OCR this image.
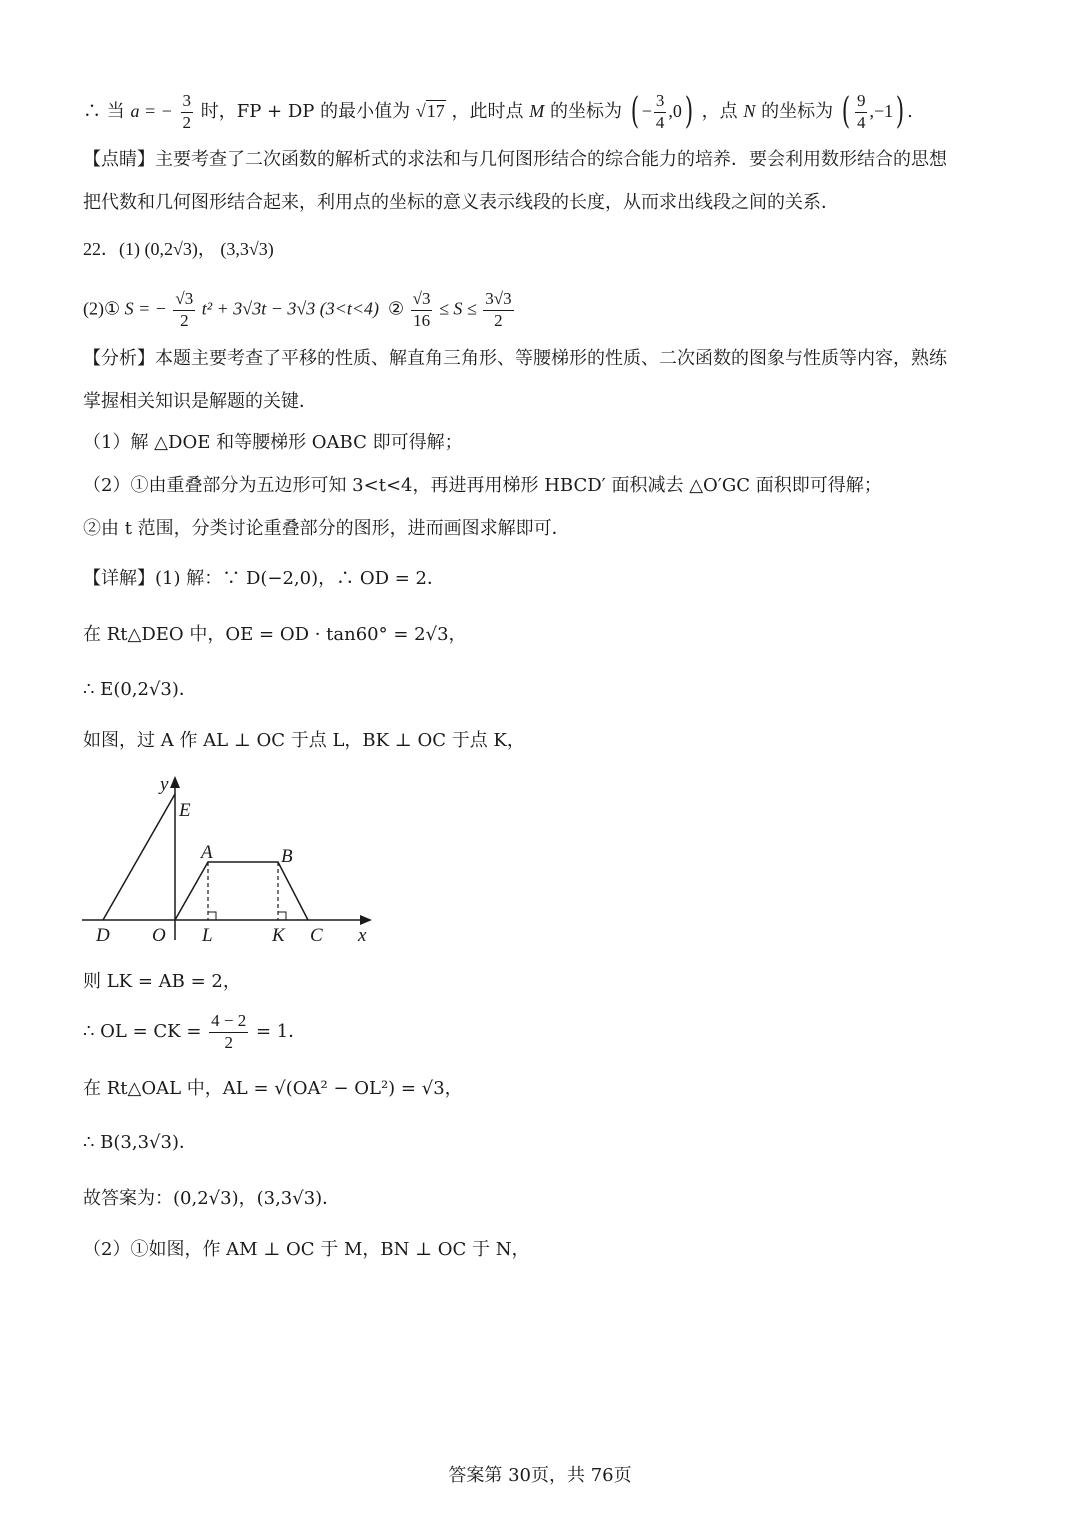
∴ 当 a = − $\frac{3}{2}$ 时，FP + DP 的最小值为 √17 ，此时点 M 的坐标为 ( − $\frac{3}{4} ,0$) ，点 N 的坐标为 ( $\frac{9}{4} ,-1$) .
【点睛】主要考查了二次函数的解析式的求法和与几何图形结合的综合能力的培养．要会利用数形结合的思想
把代数和几何图形结合起来，利用点的坐标的意义表示线段的长度，从而求出线段之间的关系．
22．(1) (0,2√3)， (3,3√3)
(2)① S = − $\frac{√3}{2} t^2 + 3√3t - 3√3$ (3<t<4) ② $\frac{√3}{16} \le S \le \frac{3√3}{2}$
【分析】本题主要考查了平移的性质、解直角三角形、等腰梯形的性质、二次函数的图象与性质等内容，熟练
掌握相关知识是解题的关键．
（1）解 △DOE 和等腰梯形 OABC 即可得解；
（2）①由重叠部分为五边形可知 3<t<4，再进再用梯形 HBCD′ 面积减去 △O′GC 面积即可得解；
②由 t 范围，分类讨论重叠部分的图形，进而画图求解即可．
【详解】(1) 解：∵ D(−2,0)，∴ OD = 2．
在 Rt△DEO 中，OE = OD · tan60° = 2√3，
∴ E(0,2√3)．
如图，过 A 作 AL ⊥ OC 于点 L，BK ⊥ OC 于点 K，
y
E
A	B
D O L	K C x
则 LK = AB = 2，
∴ OL = CK = $\frac{4 - 2}{2} = 1$．
在 Rt△OAL 中，AL = √(OA² − OL²) = √3，
∴ B(3,3√3)．
故答案为：(0,2√3)，(3,3√3)．
（2）①如图，作 AM ⊥ OC 于 M，BN ⊥ OC 于 N，
答案第 30页，共 76页
